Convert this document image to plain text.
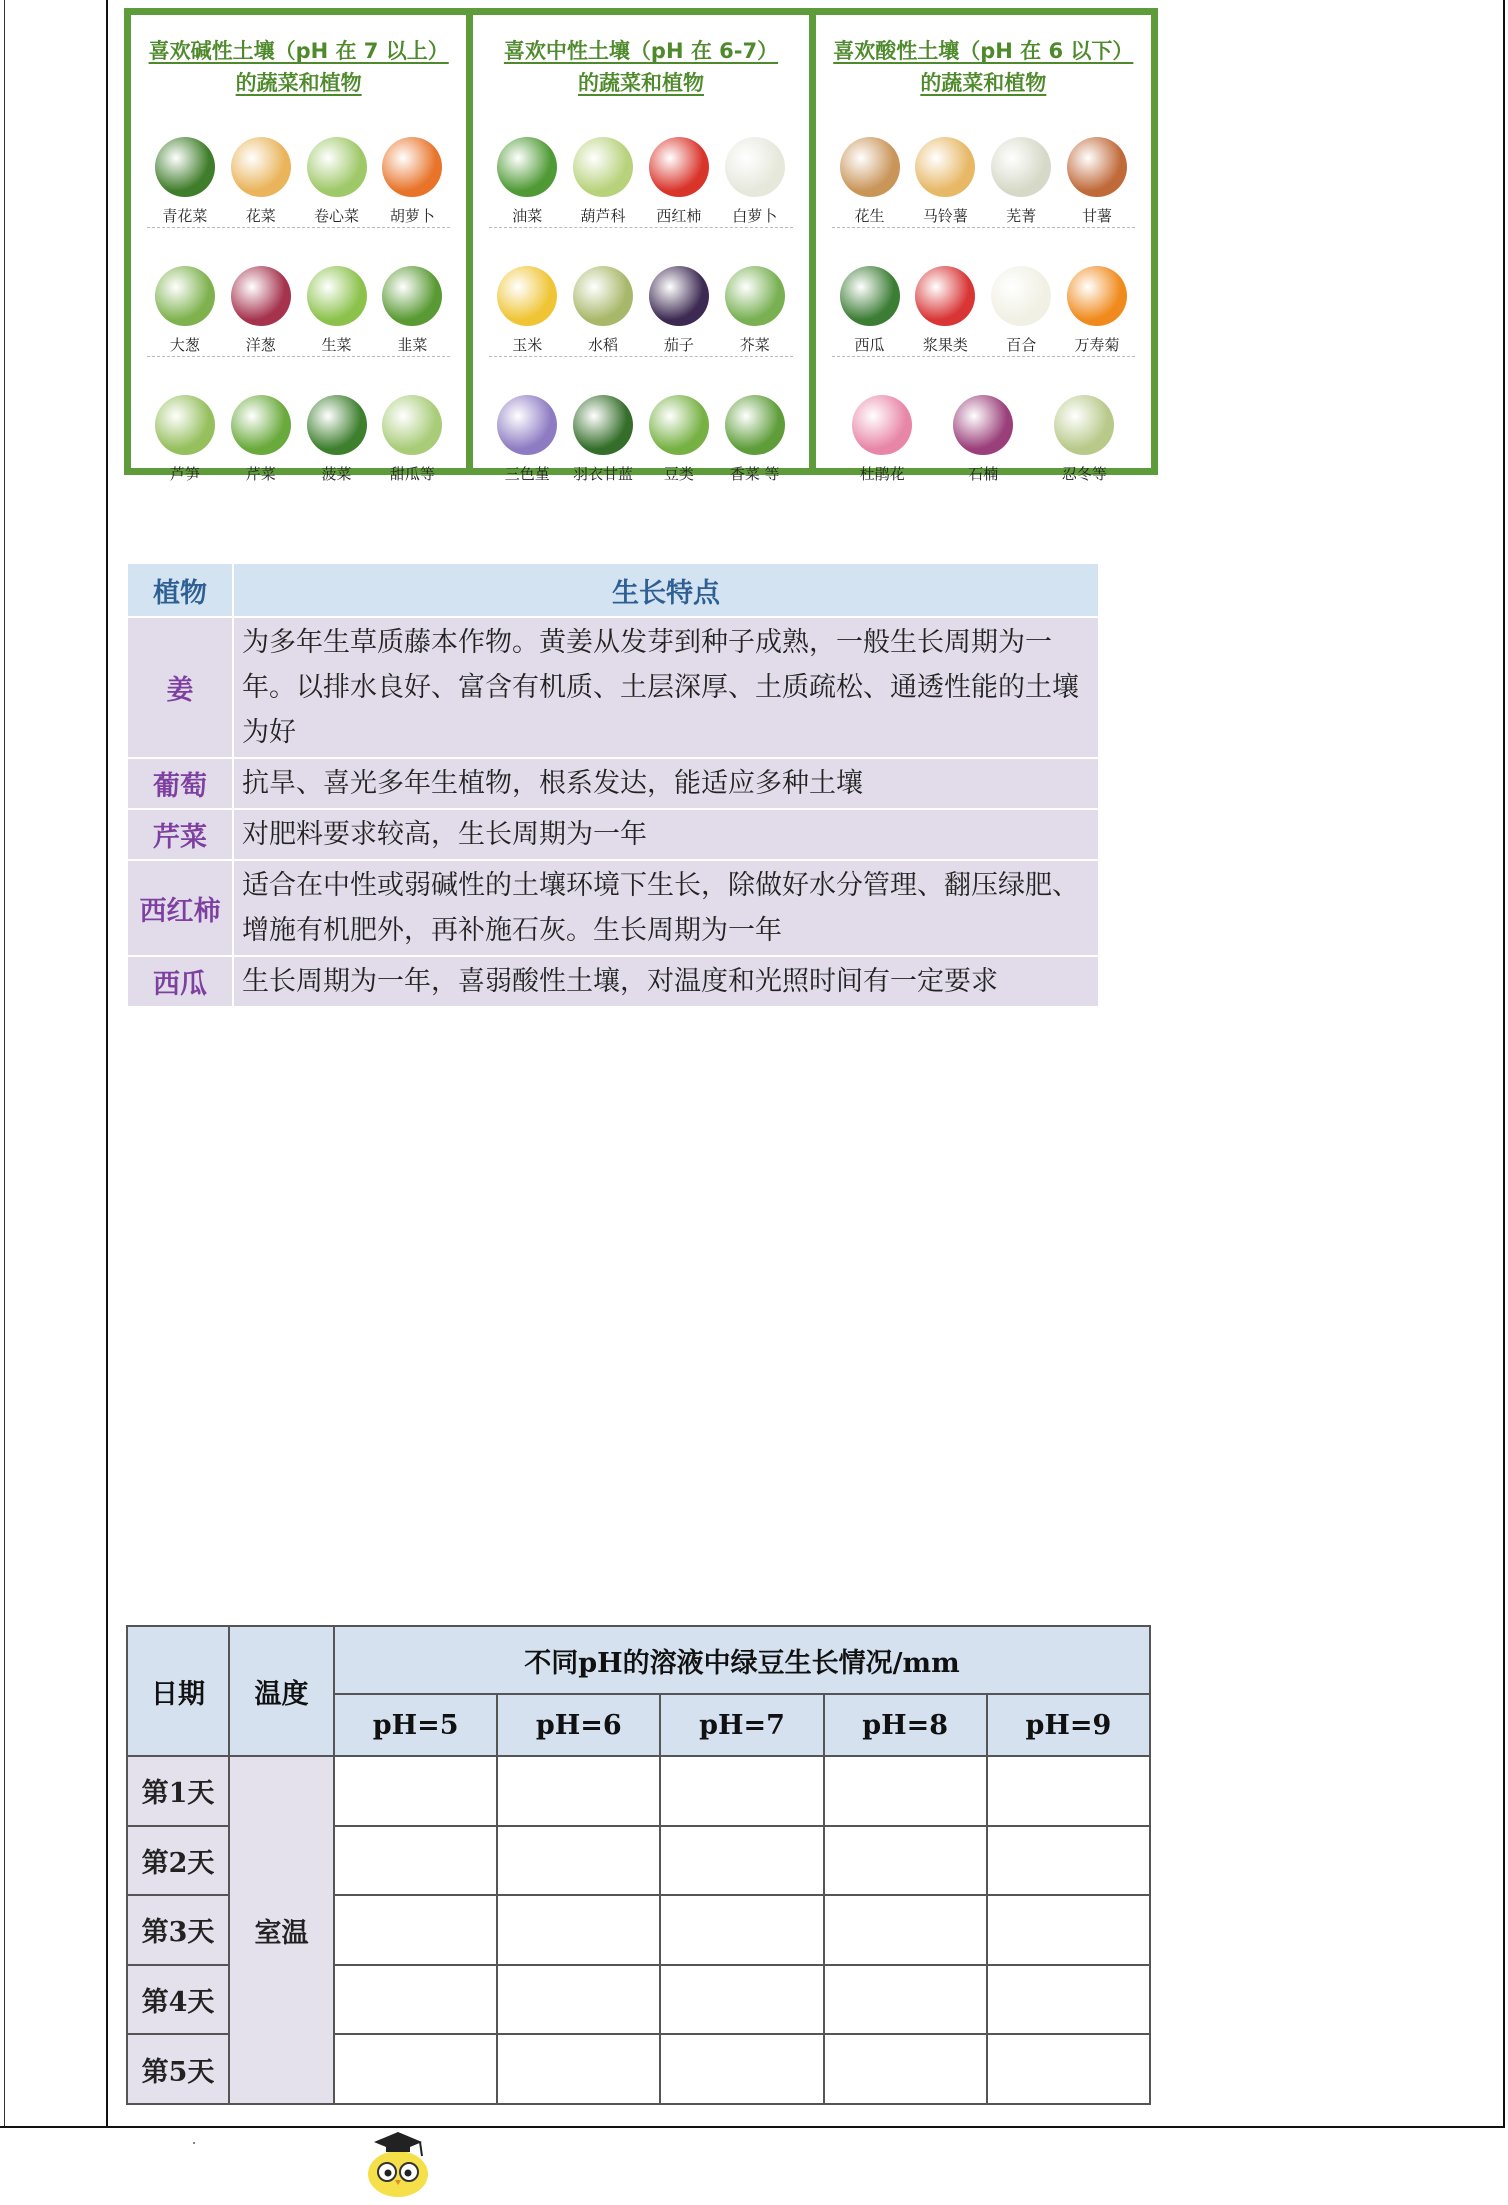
喜欢碱性土壤（pH 在 7 以上）
的蔬菜和植物
青花菜	花菜	卷心菜 胡萝卜
大葱	洋葱	生菜	韭菜
芦笋	芹菜	菠菜	甜瓜等
喜欢中性土壤（pH 在 6-7）
的蔬菜和植物
油菜	葫芦科 西红柿 白萝卜
玉米	水稻	茄子	芥菜
三色堇 羽衣甘蓝 豆类 香菜 等
喜欢酸性土壤（pH 在 6 以下）
的蔬菜和植物
花生	马铃薯	芜菁	甘薯
西瓜	浆果类	百合	万寿菊
杜鹃花	石楠	忍冬等
植物	生长特点
姜	为多年生草质藤本作物。黄姜从发芽到种子成熟，一般生长周期为一年。以排水良好、富含有机质、土层深厚、土质疏松、通透性能的土壤为好
葡萄	抗旱、喜光多年生植物，根系发达，能适应多种土壤
芹菜	对肥料要求较高，生长周期为一年
西红柿	适合在中性或弱碱性的土壤环境下生长，除做好水分管理、翻压绿肥、增施有机肥外，再补施石灰。生长周期为一年
西瓜	生长周期为一年，喜弱酸性土壤，对温度和光照时间有一定要求
日期	温度	不同pH的溶液中绿豆生长情况/mm				
		pH=5	pH=6	pH=7	pH=8	pH=9
第1天	室温					
第2天						
第3天						
第4天						
第5天						
